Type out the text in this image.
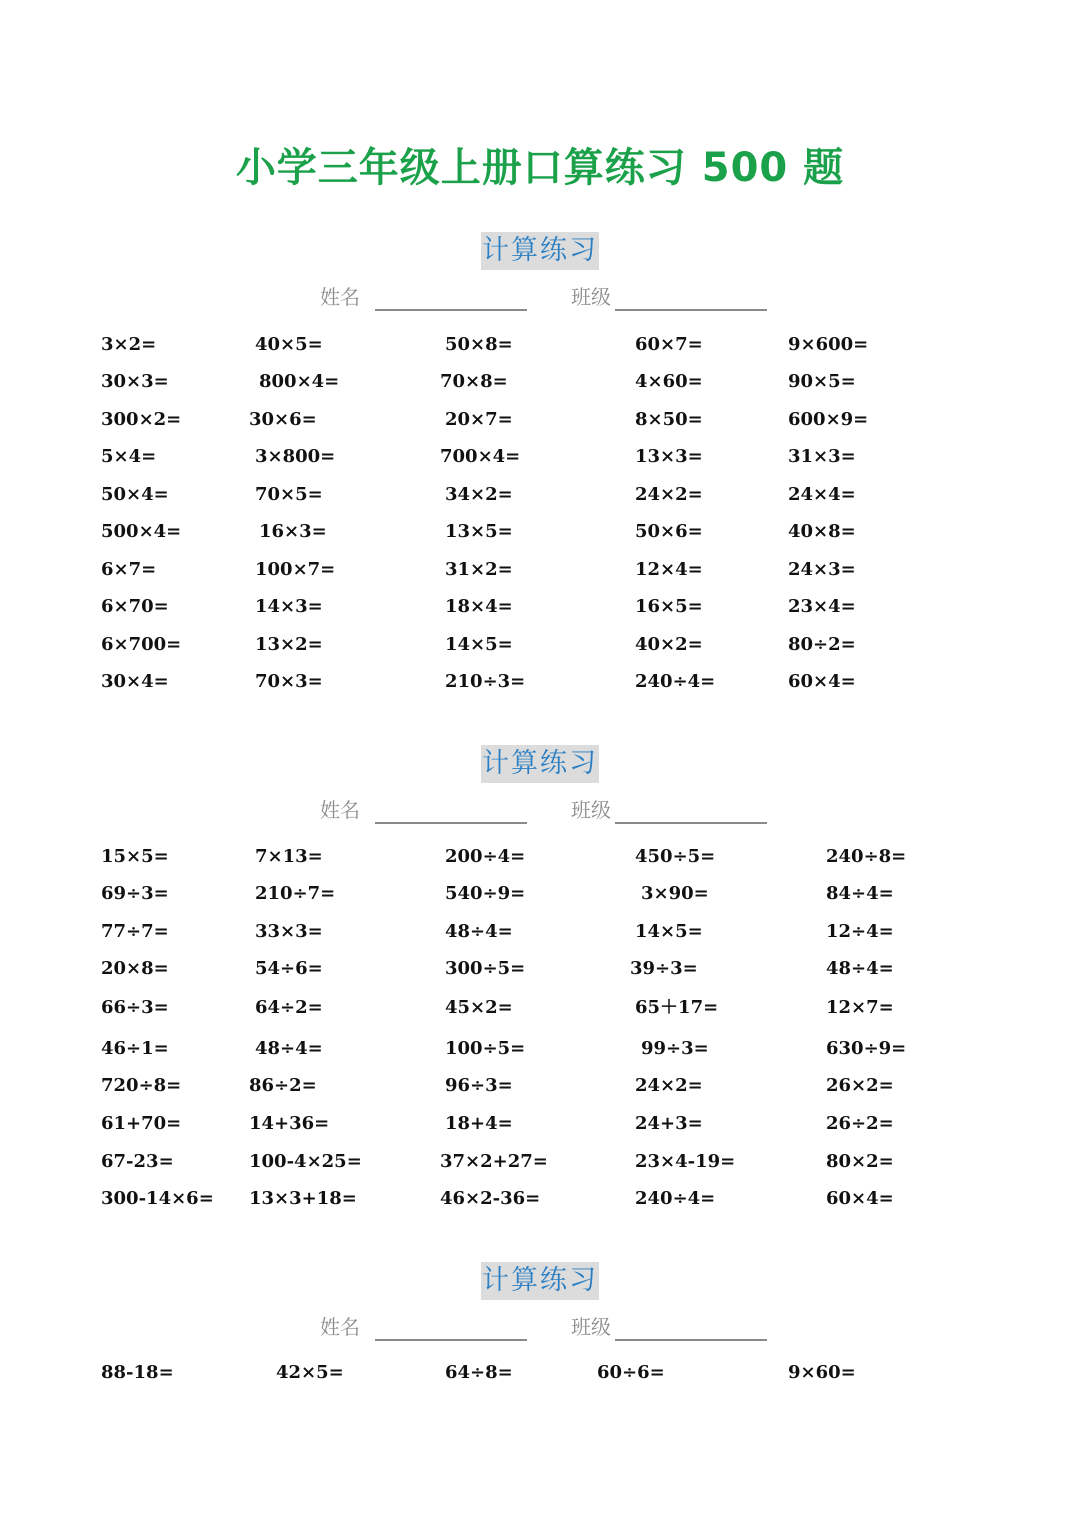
小学三年级上册口算练习 500 题
计算练习
姓名	班级
3×2=	40×5=	50×8=	60×7=	9×600=
30×3=	800×4=	70×8=	4×60=	90×5=
300×2=	30×6=	20×7=	8×50=	600×9=
5×4=	3×800=	700×4=	13×3=	31×3=
50×4=	70×5=	34×2=	24×2=	24×4=
500×4=	16×3=	13×5=	50×6=	40×8=
6×7=	100×7=	31×2=	12×4=	24×3=
6×70=	14×3=	18×4=	16×5=	23×4=
6×700=	13×2=	14×5=	40×2=	80÷2=
30×4=	70×3=	210÷3=	240÷4=	60×4=
计算练习
姓名	班级
15×5=	7×13=	200÷4=	450÷5=	240÷8=
69÷3=	210÷7=	540÷9=	3×90=	84÷4=
77÷7=	33×3=	48÷4=	14×5=	12÷4=
20×8=	54÷6=	300÷5=	39÷3=	48÷4=
66÷3=	64÷2=	45×2=	65＋17=	12×7=
46÷1=	48÷4=	100÷5=	99÷3=	630÷9=
720÷8=	86÷2=	96÷3=	24×2=	26×2=
61+70=	14+36=	18+4=	24+3=	26÷2=
67-23=	100-4×25=	37×2+27=	23×4-19=	80×2=
300-14×6= 13×3+18=	46×2-36=	240÷4=	60×4=
计算练习
姓名	班级
88-18=	42×5=	64÷8=	60÷6=	9×60=
